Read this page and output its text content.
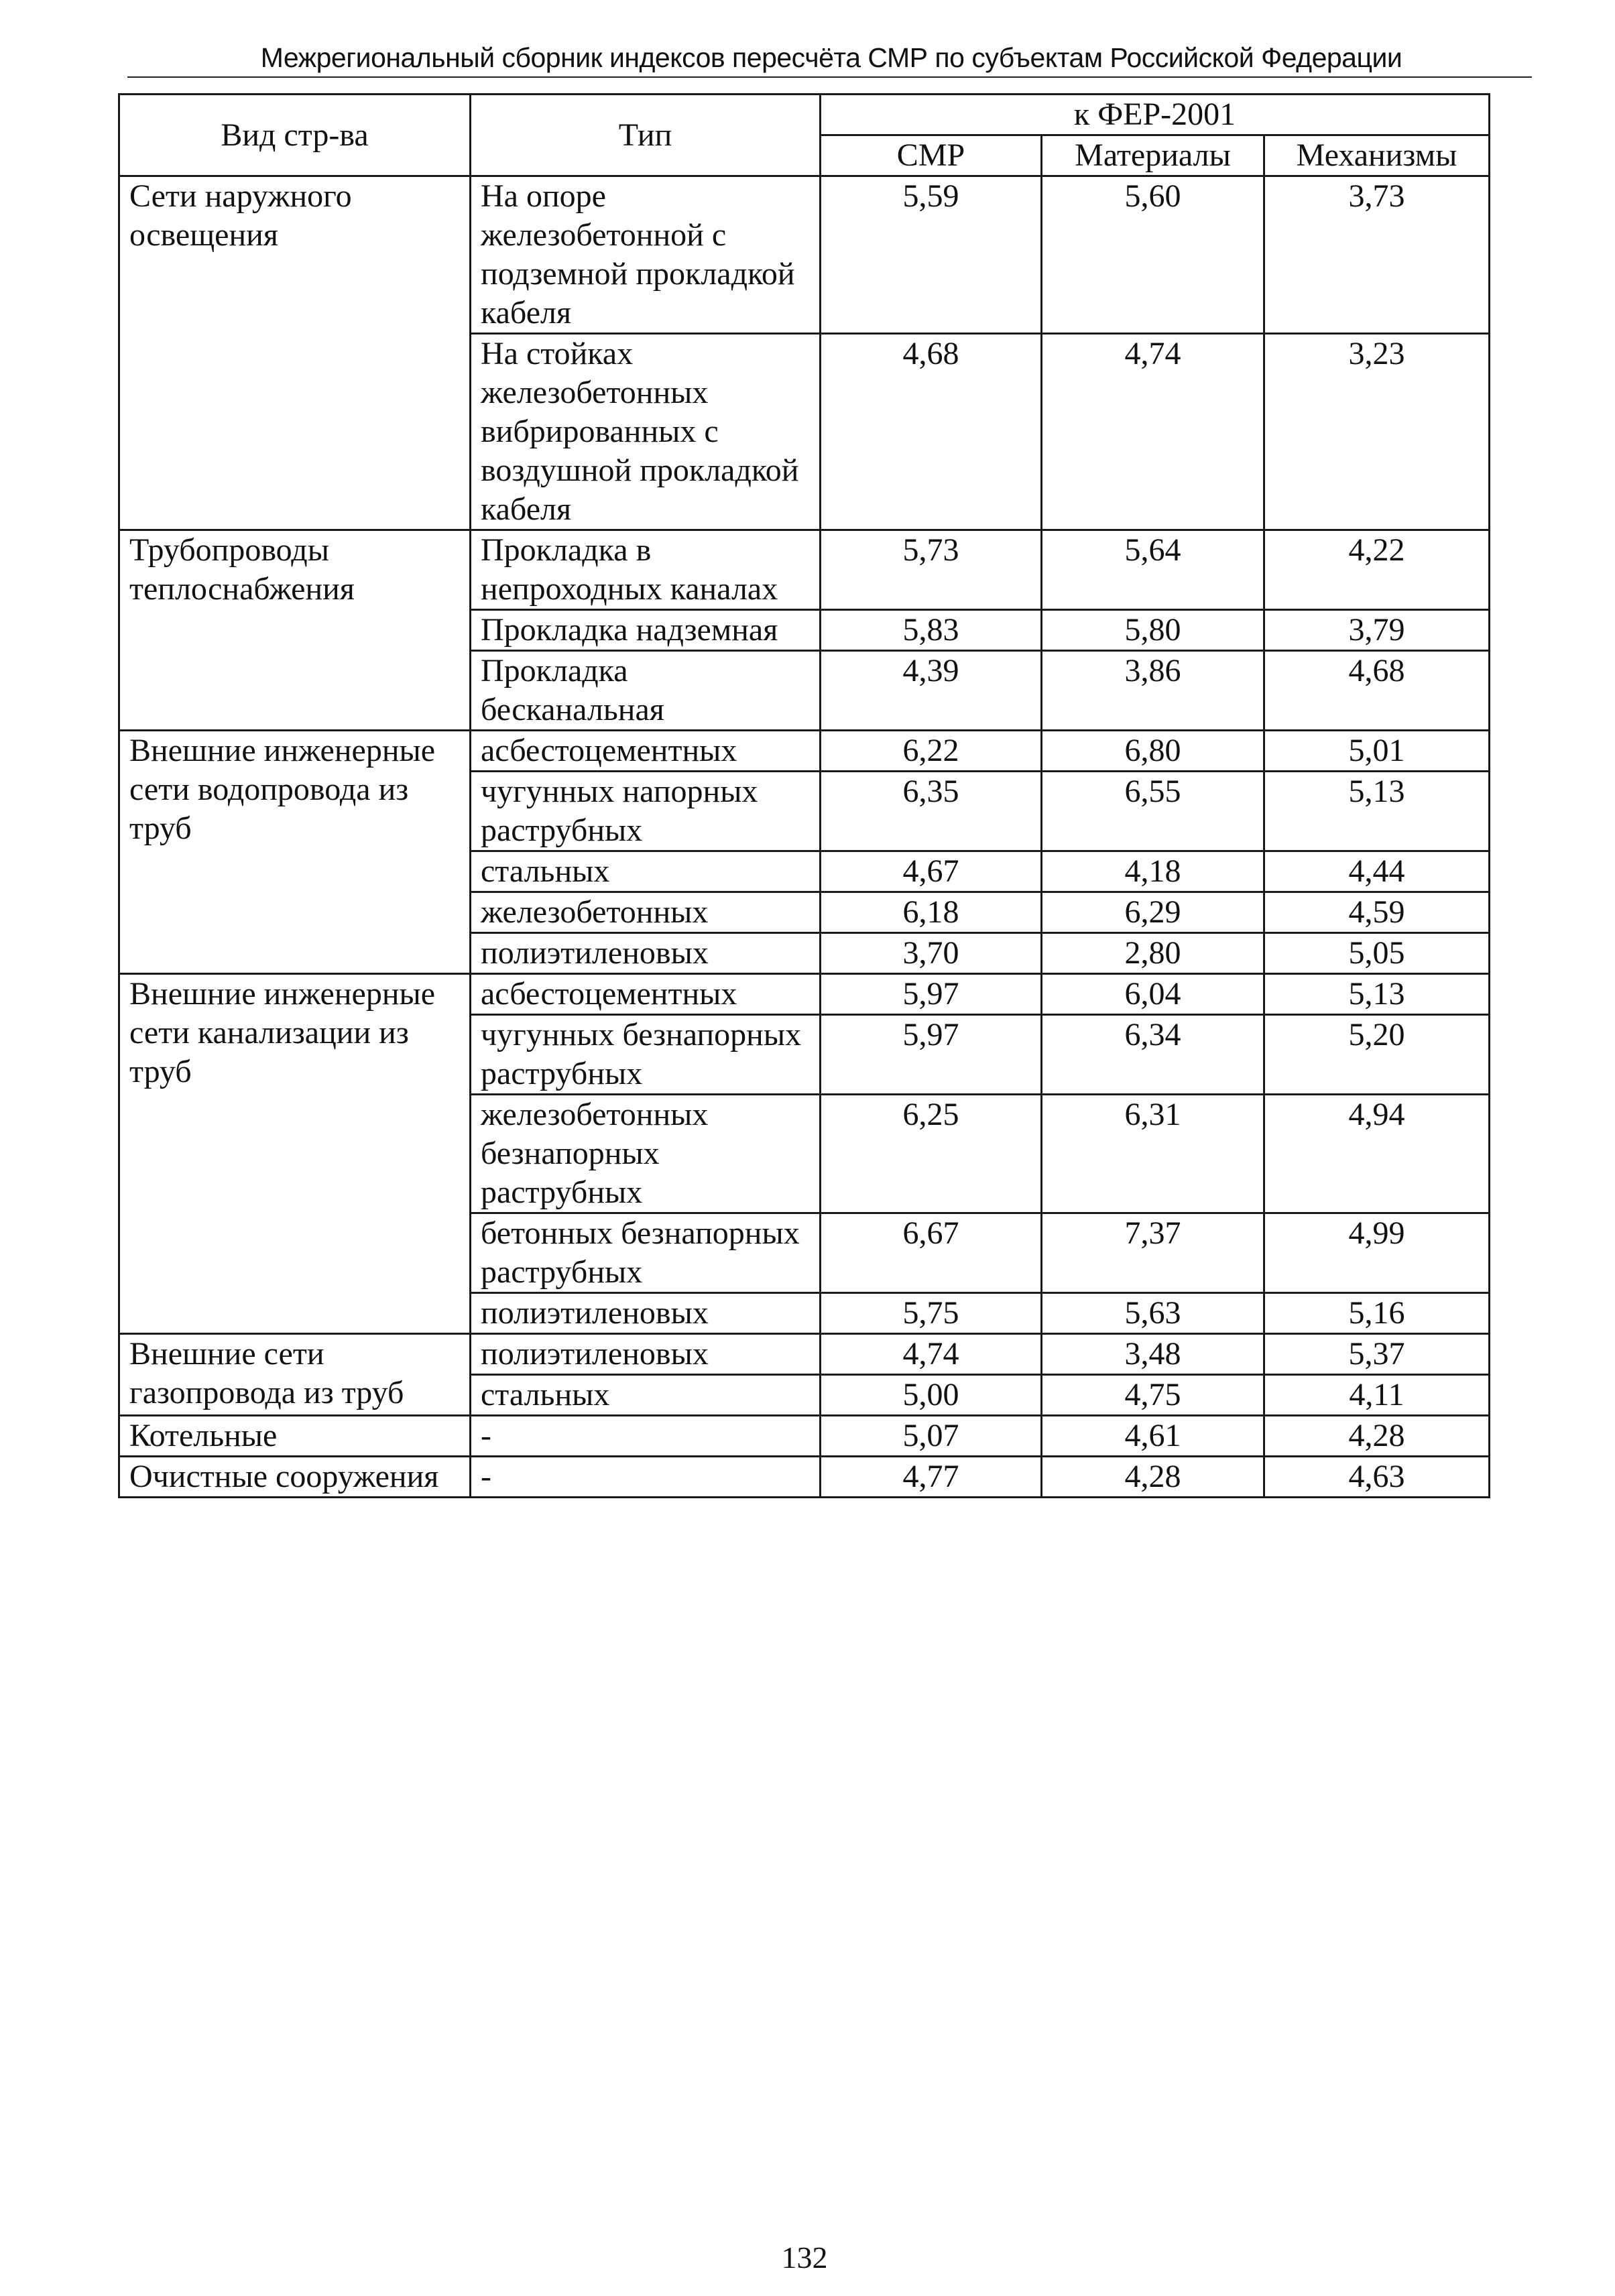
Межрегиональный сборник индексов пересчёта СМР по субъектам Российской Федерации
Вид стр-ва	Тип	к ФЕР-2001		
		СМР	Материалы	Механизмы
Сети наружного освещения	На опоре железобетонной с подземной прокладкой кабеля	5,59	5,60	3,73
	На стойках железобетонных вибрированных с воздушной прокладкой кабеля	4,68	4,74	3,23
Трубопроводы теплоснабжения	Прокладка в непроходных каналах	5,73	5,64	4,22
	Прокладка надземная	5,83	5,80	3,79
	Прокладка бесканальная	4,39	3,86	4,68
Внешние инженерные сети водопровода из труб	асбестоцементных	6,22	6,80	5,01
	чугунных напорных раструбных	6,35	6,55	5,13
	стальных	4,67	4,18	4,44
	железобетонных	6,18	6,29	4,59
	полиэтиленовых	3,70	2,80	5,05
Внешние инженерные сети канализации из труб	асбестоцементных	5,97	6,04	5,13
	чугунных безнапорных раструбных	5,97	6,34	5,20
	железобетонных безнапорных раструбных	6,25	6,31	4,94
	бетонных безнапорных раструбных	6,67	7,37	4,99
	полиэтиленовых	5,75	5,63	5,16
Внешние сети газопровода из труб	полиэтиленовых	4,74	3,48	5,37
	стальных	5,00	4,75	4,11
Котельные	-	5,07	4,61	4,28
Очистные сооружения	-	4,77	4,28	4,63
132
